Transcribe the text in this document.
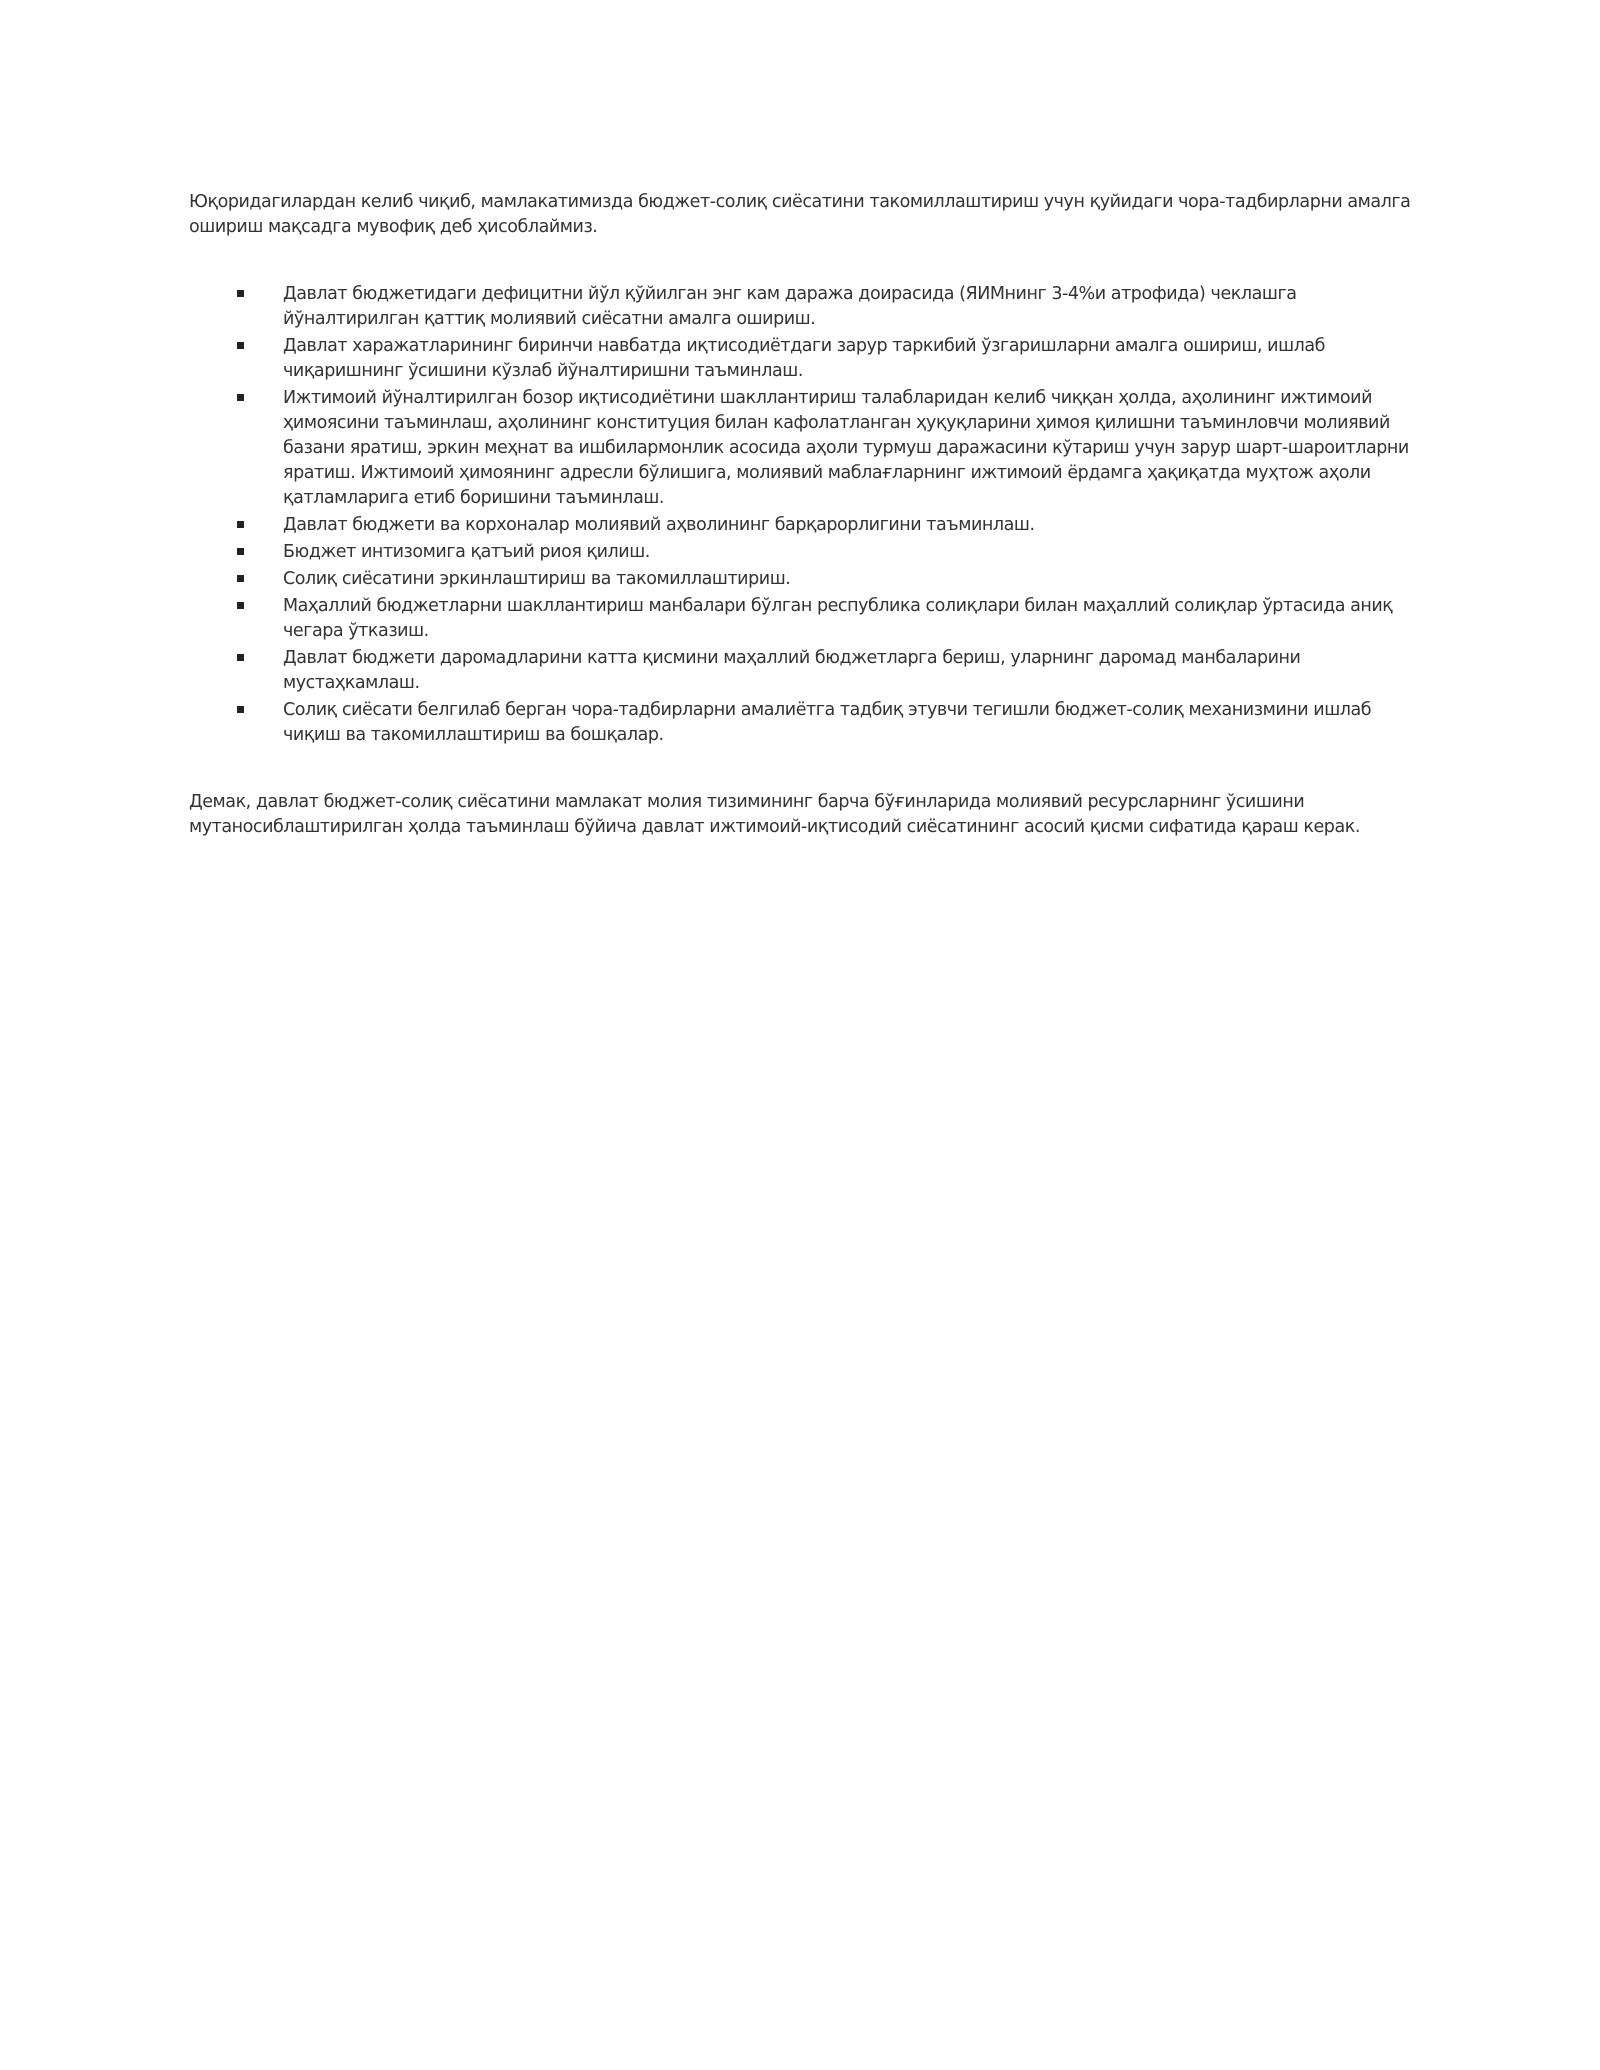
Юқоридагилардан келиб чиқиб, мамлакатимизда бюджет-солиқ сиёсатини такомиллаштириш учун қуйидаги чора-тадбирларни амалга ошириш мақсадга мувофиқ деб ҳисоблаймиз.

Давлат бюджетидаги дефицитни йўл қўйилган энг кам даража доирасида (ЯИМнинг 3-4%и атрофида) чеклашга йўналтирилган қаттиқ молиявий сиёсатни амалга ошириш.
Давлат харажатларининг биринчи навбатда иқтисодиётдаги зарур таркибий ўзгаришларни амалга ошириш, ишлаб чиқаришнинг ўсишини кўзлаб йўналтиришни таъминлаш.
Ижтимоий йўналтирилган бозор иқтисодиётини шакллантириш талабларидан келиб чиққан ҳолда, аҳолининг ижтимоий ҳимоясини таъминлаш, аҳолининг конституция билан кафолатланган ҳуқуқларини ҳимоя қилишни таъминловчи молиявий базани яратиш, эркин меҳнат ва ишбилармонлик асосида аҳоли турмуш даражасини кўтариш учун зарур шарт-шароитларни яратиш. Ижтимоий ҳимоянинг адресли бўлишига, молиявий маблағларнинг ижтимоий ёрдамга ҳақиқатда муҳтож аҳоли қатламларига етиб боришини таъминлаш.
Давлат бюджети ва корхоналар молиявий аҳволининг барқарорлигини таъминлаш.
Бюджет интизомига қатъий риоя қилиш.
Солиқ сиёсатини эркинлаштириш ва такомиллаштириш.
Маҳаллий бюджетларни шакллантириш манбалари бўлган республика солиқлари билан маҳаллий солиқлар ўртасида аниқ чегара ўтказиш.
Давлат бюджети даромадларини катта қисмини маҳаллий бюджетларга бериш, уларнинг даромад манбаларини мустаҳкамлаш.
Солиқ сиёсати белгилаб берган чора-тадбирларни амалиётга тадбиқ этувчи тегишли бюджет-солиқ механизмини ишлаб чиқиш ва такомиллаштириш ва бошқалар.

Демак, давлат бюджет-солиқ сиёсатини мамлакат молия тизимининг барча бўғинларида молиявий ресурсларнинг ўсишини мутаносиблаштирилган ҳолда таъминлаш бўйича давлат ижтимоий-иқтисодий сиёсатининг асосий қисми сифатида қараш керак.
